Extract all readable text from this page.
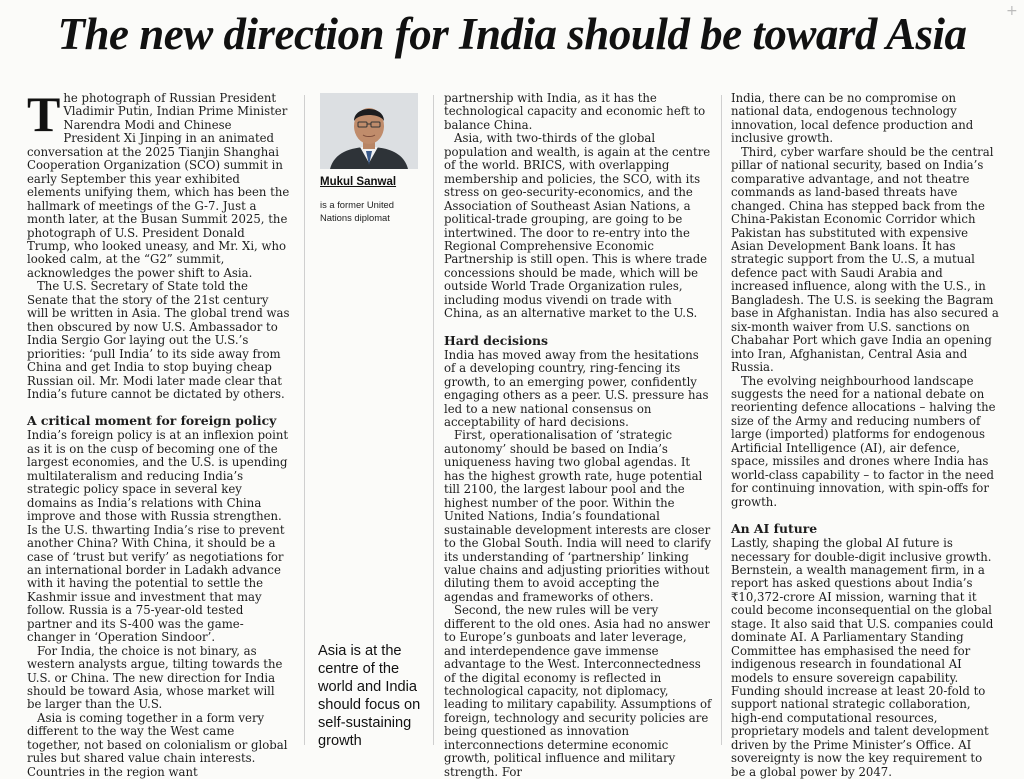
The new direction for India should be toward Asia	+

The photograph of Russian President Vladimir Putin, Indian Prime Minister Narendra Modi and Chinese President Xi Jinping in an animated conversation at the 2025 Tianjin Shanghai Cooperation Organization (SCO) summit in early September this year exhibited elements unifying them, which has been the hallmark of meetings of the G-7. Just a month later, at the Busan Summit 2025, the photograph of U.S. President Donald Trump, who looked uneasy, and Mr. Xi, who looked calm, at the “G2” summit, acknowledges the power shift to Asia.

The U.S. Secretary of State told the Senate that the story of the 21st century will be written in Asia. The global trend was then obscured by now U.S. Ambassador to India Sergio Gor laying out the U.S.’s priorities: ‘pull India’ to its side away from China and get India to stop buying cheap Russian oil. Mr. Modi later made clear that India’s future cannot be dictated by others.

A critical moment for foreign policy

India’s foreign policy is at an inflexion point as it is on the cusp of becoming one of the largest economies, and the U.S. is upending multilateralism and reducing India’s strategic policy space in several key domains as India’s relations with China improve and those with Russia strengthen. Is the U.S. thwarting India’s rise to prevent another China? With China, it should be a case of ‘trust but verify’ as negotiations for an international border in Ladakh advance with it having the potential to settle the Kashmir issue and investment that may follow. Russia is a 75-year-old tested partner and its S-400 was the game-changer in ‘Operation Sindoor’.

For India, the choice is not binary, as western analysts argue, tilting towards the U.S. or China. The new direction for India should be toward Asia, whose market will be larger than the U.S.

Asia is coming together in a form very different to the way the West came together, not based on colonialism or global rules but shared value chain interests. Countries in the region want

Mukul Sanwal

is a former United Nations diplomat

Asia is at the centre of the world and India should focus on self-sustaining growth

partnership with India, as it has the technological capacity and economic heft to balance China.

Asia, with two-thirds of the global population and wealth, is again at the centre of the world. BRICS, with overlapping membership and policies, the SCO, with its stress on geo-security-economics, and the Association of Southeast Asian Nations, a political-trade grouping, are going to be intertwined. The door to re-entry into the Regional Comprehensive Economic Partnership is still open. This is where trade concessions should be made, which will be outside World Trade Organization rules, including modus vivendi on trade with China, as an alternative market to the U.S.

Hard decisions

India has moved away from the hesitations of a developing country, ring-fencing its growth, to an emerging power, confidently engaging others as a peer. U.S. pressure has led to a new national consensus on acceptability of hard decisions.

First, operationalisation of ‘strategic autonomy’ should be based on India’s uniqueness having two global agendas. It has the highest growth rate, huge potential till 2100, the largest labour pool and the highest number of the poor. Within the United Nations, India’s foundational sustainable development interests are closer to the Global South. India will need to clarify its understanding of ‘partnership’ linking value chains and adjusting priorities without diluting them to avoid accepting the agendas and frameworks of others.

Second, the new rules will be very different to the old ones. Asia had no answer to Europe’s gunboats and later leverage, and interdependence gave immense advantage to the West. Interconnectedness of the digital economy is reflected in technological capacity, not diplomacy, leading to military capability. Assumptions of foreign, technology and security policies are being questioned as innovation interconnections determine economic growth, political influence and military strength. For

India, there can be no compromise on national data, endogenous technology innovation, local defence production and inclusive growth.

Third, cyber warfare should be the central pillar of national security, based on India’s comparative advantage, and not theatre commands as land-based threats have changed. China has stepped back from the China-Pakistan Economic Corridor which Pakistan has substituted with expensive Asian Development Bank loans. It has strategic support from the U..S, a mutual defence pact with Saudi Arabia and increased influence, along with the U.S., in Bangladesh. The U.S. is seeking the Bagram base in Afghanistan. India has also secured a six-month waiver from U.S. sanctions on Chabahar Port which gave India an opening into Iran, Afghanistan, Central Asia and Russia.

The evolving neighbourhood landscape suggests the need for a national debate on reorienting defence allocations – halving the size of the Army and reducing numbers of large (imported) platforms for endogenous Artificial Intelligence (AI), air defence, space, missiles and drones where India has world-class capability – to factor in the need for continuing innovation, with spin-offs for growth.

An AI future

Lastly, shaping the global AI future is necessary for double-digit inclusive growth. Bernstein, a wealth management firm, in a report has asked questions about India’s ₹10,372-crore AI mission, warning that it could become inconsequential on the global stage. It also said that U.S. companies could dominate AI. A Parliamentary Standing Committee has emphasised the need for indigenous research in foundational AI models to ensure sovereign capability. Funding should increase at least 20-fold to support national strategic collaboration, high-end computational resources, proprietary models and talent development driven by the Prime Minister’s Office. AI sovereignty is now the key requirement to be a global power by 2047.
